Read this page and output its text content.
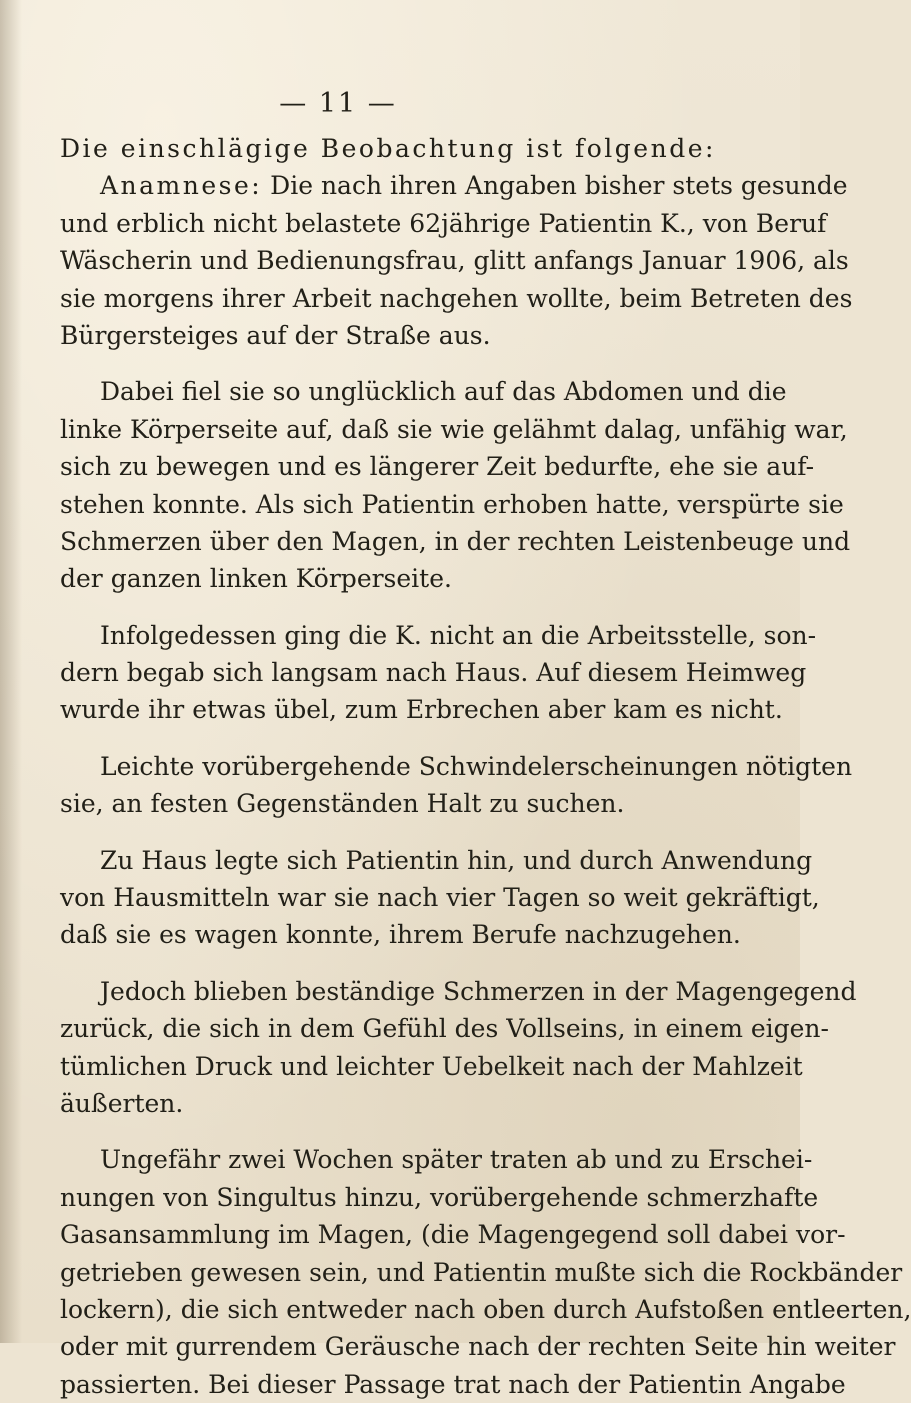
— 11 —
Die einschlägige Beobachtung ist folgende:
Anamnese: Die nach ihren Angaben bisher stets gesunde
und erblich nicht belastete 62jährige Patientin K., von Beruf
Wäscherin und Bedienungsfrau, glitt anfangs Januar 1906, als
sie morgens ihrer Arbeit nachgehen wollte, beim Betreten des
Bürgersteiges auf der Straße aus.
Dabei fiel sie so unglücklich auf das Abdomen und die
linke Körperseite auf, daß sie wie gelähmt dalag, unfähig war,
sich zu bewegen und es längerer Zeit bedurfte, ehe sie auf-
stehen konnte. Als sich Patientin erhoben hatte, verspürte sie
Schmerzen über den Magen, in der rechten Leistenbeuge und
der ganzen linken Körperseite.
Infolgedessen ging die K. nicht an die Arbeitsstelle, son-
dern begab sich langsam nach Haus. Auf diesem Heimweg
wurde ihr etwas übel, zum Erbrechen aber kam es nicht.
Leichte vorübergehende Schwindelerscheinungen nötigten
sie, an festen Gegenständen Halt zu suchen.
Zu Haus legte sich Patientin hin, und durch Anwendung
von Hausmitteln war sie nach vier Tagen so weit gekräftigt,
daß sie es wagen konnte, ihrem Berufe nachzugehen.
Jedoch blieben beständige Schmerzen in der Magengegend
zurück, die sich in dem Gefühl des Vollseins, in einem eigen-
tümlichen Druck und leichter Uebelkeit nach der Mahlzeit
äußerten.
Ungefähr zwei Wochen später traten ab und zu Erschei-
nungen von Singultus hinzu, vorübergehende schmerzhafte
Gasansammlung im Magen, (die Magengegend soll dabei vor-
getrieben gewesen sein, und Patientin mußte sich die Rockbänder
lockern), die sich entweder nach oben durch Aufstoßen entleerten,
oder mit gurrendem Geräusche nach der rechten Seite hin weiter
passierten. Bei dieser Passage trat nach der Patientin Angabe
